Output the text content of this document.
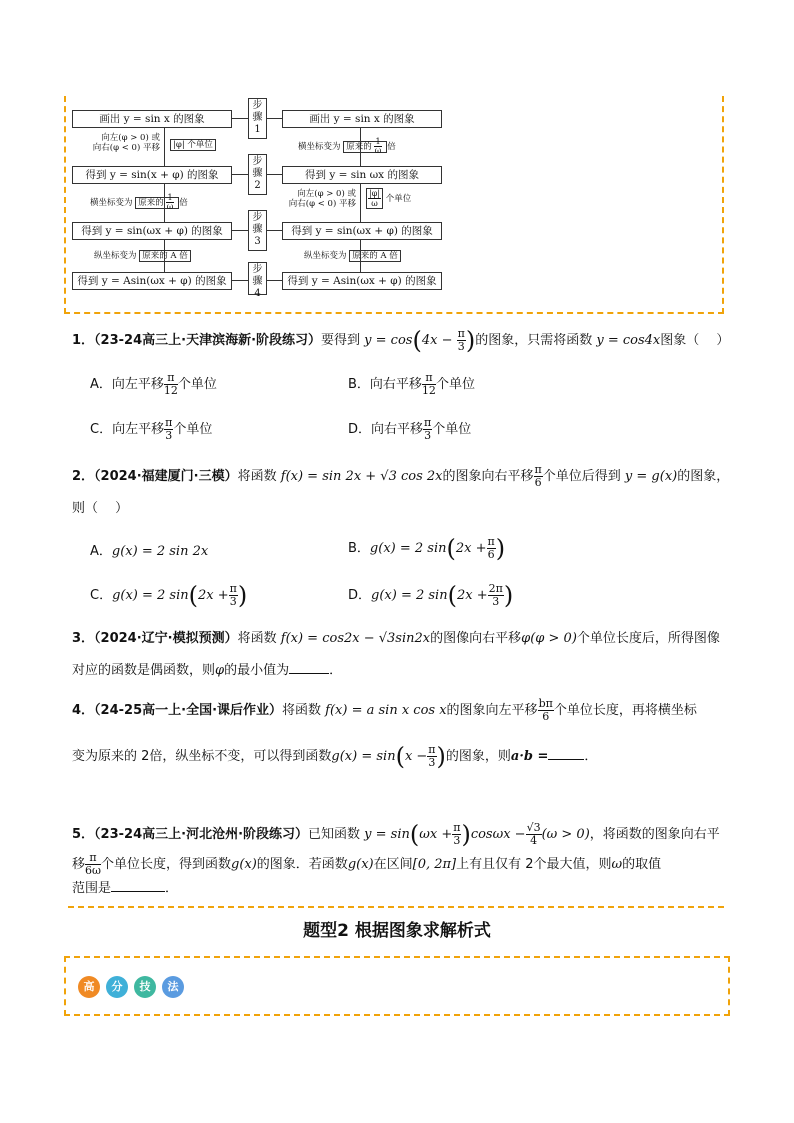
画出 y = sin x 的图象
得到 y = sin(x + φ) 的图象
得到 y = sin(ωx + φ) 的图象
得到 y = Asin(ωx + φ) 的图象
画出 y = sin x 的图象
得到 y = sin ωx 的图象
得到 y = sin(ωx + φ) 的图象
得到 y = Asin(ωx + φ) 的图象
步
骤
1
步
骤
2
步
骤
3
步
骤
4
向左(φ > 0) 或
向右(φ < 0) 平移	|φ| 个单位
横坐标变为 原来的 $\frac{1}{\omega}$ 倍
纵坐标变为 原来的 A 倍
横坐标变为 原来的 $\frac{1}{\omega}$ 倍
向左(φ > 0) 或
向右(φ < 0) 平移 $\frac{|\varphi|}{\omega}$ 个单位
纵坐标变为 原来的 A 倍
1．（23-24高三上·天津滨海新·阶段练习）要得到 $y = \cos(4x - \frac{\pi}{3}$ )的图象，只需将函数 y = cos4x图象（　 ）
A．向左平移 $\frac{\pi}{12}$ 个单位	B．向右平移 $\frac{\pi}{12}$ 个单位
C．向左平移 $\frac{\pi}{3}$ 个单位	D．向右平移 $\frac{\pi}{3}$ 个单位
2．（2024·福建厦门·三模）将函数 f(x) = sin 2x + √3 cos 2x的图象向右平移 $\frac{\pi}{6}$ 个单位后得到 y = g(x)的图象，
则（　 ）
A．g(x) = 2 sin 2x	B．g(x) = 2 $\sin(2x + \frac{\pi}{6}$ )
C．g(x) = 2 $\sin(2x + \frac{\pi}{3}$ )	D．g(x) = 2 $\sin(2x + \frac{2\pi}{3}$ )
3．（2024·辽宁·模拟预测）将函数 f(x) = cos2x − √3sin2x的图像向右平移φ(φ > 0)个单位长度后，所得图像
对应的函数是偶函数，则φ的最小值为	．
4．（24-25高一上·全国·课后作业）将函数 f(x) = a sin x cos x的图象向左平移 $\frac{b\pi}{6}$ 个单位长度，再将横坐标
变为原来的 2倍，纵坐标不变，可以得到函数$g(x) = \sin(x - \frac{\pi}{3}$ )的图象，则a·b =	．
5．（23-24高三上·河北沧州·阶段练习）已知函数 $y = \sin(\omega x + \frac{\pi}{3} )\cos\omega x - \frac{√3}{4} (\omega > 0)$，将函数的图象向右平
移 $\frac{\pi}{6\omega}$ 个单位长度，得到函数g(x)的图象．若函数g(x)在区间[0, 2π]上有且仅有 2个最大值，则ω的取值
范围是	．
题型2 根据图象求解析式
高	分	技	法
